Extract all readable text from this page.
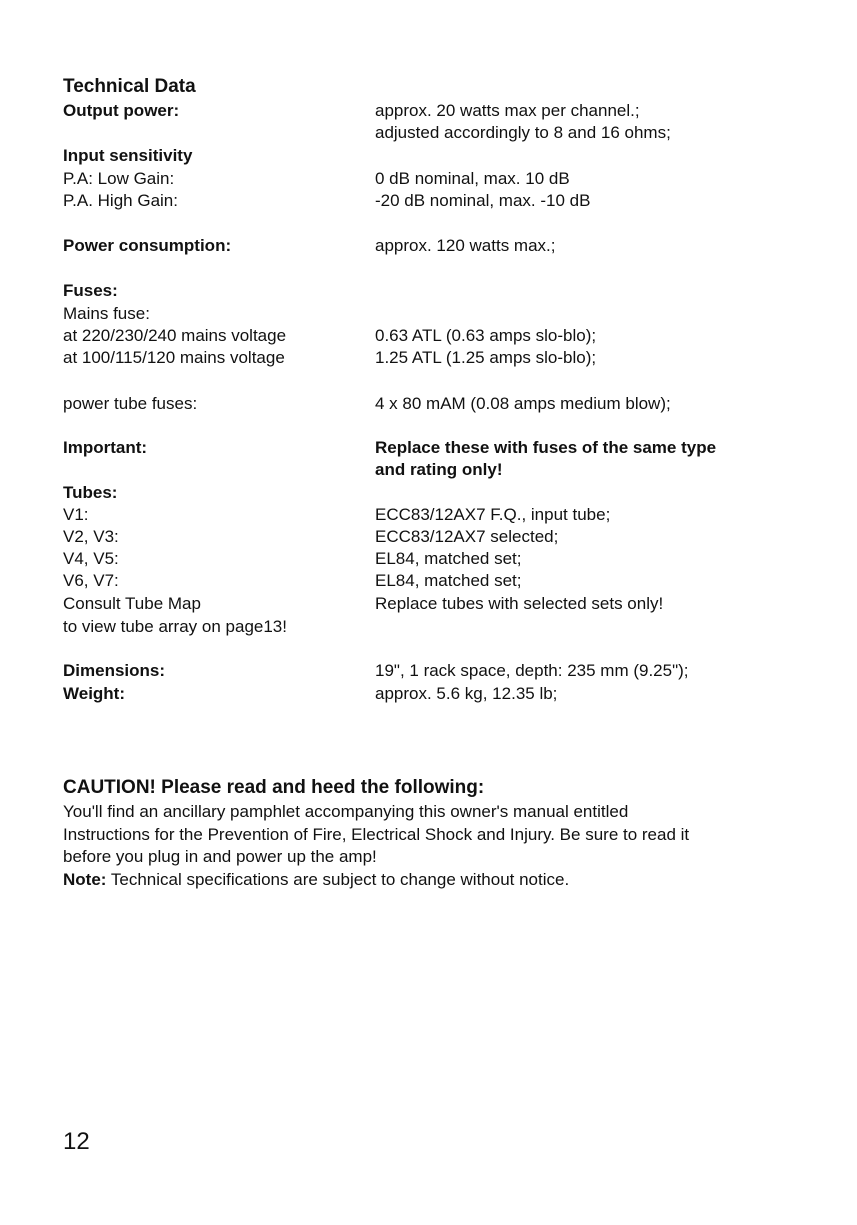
Technical Data
Output power:	approx. 20 watts max per channel.;
adjusted accordingly to 8 and 16 ohms;
Input sensitivity
P.A: Low Gain:	0 dB nominal, max. 10 dB
P.A. High Gain:	-20 dB nominal, max. -10 dB
Power consumption:	approx. 120 watts max.;
Fuses:
Mains fuse:
at 220/230/240 mains voltage	0.63 ATL (0.63 amps slo-blo);
at 100/115/120 mains voltage	1.25 ATL (1.25 amps slo-blo);
power tube fuses:	4 x 80 mAM (0.08 amps medium blow);
Important:	Replace these with fuses of the same type
and rating only!
Tubes:
V1:	ECC83/12AX7 F.Q., input tube;
V2, V3:	ECC83/12AX7 selected;
V4, V5:	EL84, matched set;
V6, V7:	EL84, matched set;
Consult Tube Map	Replace tubes with selected sets only!
to view tube array on page13!
Dimensions:	19", 1 rack space, depth: 235 mm (9.25");
Weight:	approx. 5.6 kg, 12.35 lb;
CAUTION! Please read and heed the following:
You'll find an ancillary pamphlet accompanying this owner's manual entitled
Instructions for the Prevention of Fire, Electrical Shock and Injury. Be sure to read it
before you plug in and power up the amp!
Note: Technical specifications are subject to change without notice.
12
